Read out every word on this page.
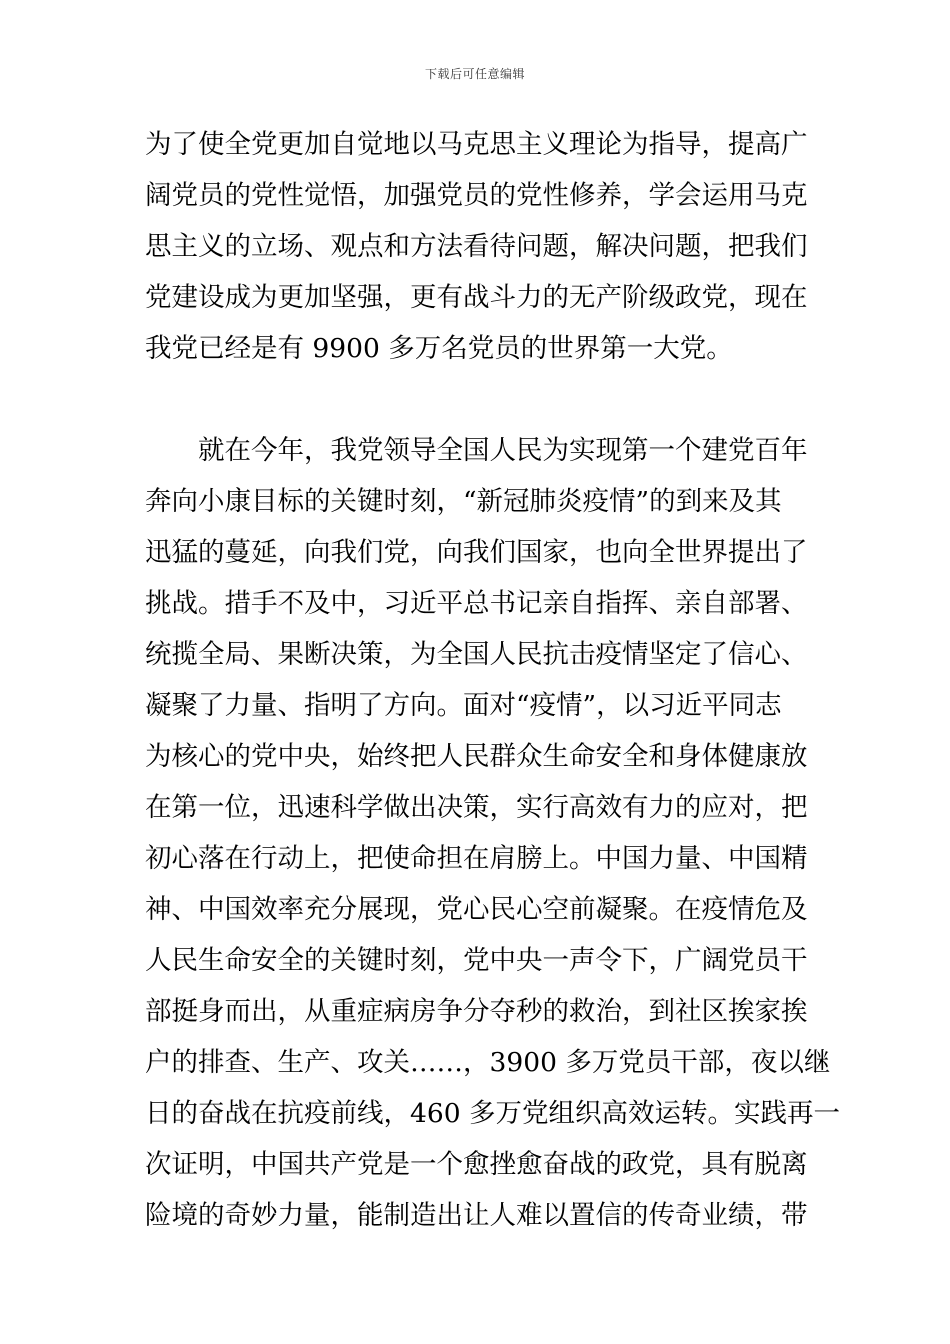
下载后可任意编辑

为了使全党更加自觉地以马克思主义理论为指导，提高广
阔党员的党性觉悟，加强党员的党性修养，学会运用马克
思主义的立场、观点和方法看待问题，解决问题，把我们
党建设成为更加坚强，更有战斗力的无产阶级政党，现在
我党已经是有 9900 多万名党员的世界第一大党。

就在今年，我党领导全国人民为实现第一个建党百年
奔向小康目标的关键时刻，“新冠肺炎疫情”的到来及其
迅猛的蔓延，向我们党，向我们国家，也向全世界提出了
挑战。措手不及中，习近平总书记亲自指挥、亲自部署、
统揽全局、果断决策，为全国人民抗击疫情坚定了信心、
凝聚了力量、指明了方向。面对“疫情”，以习近平同志
为核心的党中央，始终把人民群众生命安全和身体健康放
在第一位，迅速科学做出决策，实行高效有力的应对，把
初心落在行动上，把使命担在肩膀上。中国力量、中国精
神、中国效率充分展现，党心民心空前凝聚。在疫情危及
人民生命安全的关键时刻，党中央一声令下，广阔党员干
部挺身而出，从重症病房争分夺秒的救治，到社区挨家挨
户的排查、生产、攻关……，3900 多万党员干部，夜以继
日的奋战在抗疫前线，460 多万党组织高效运转。实践再一
次证明，中国共产党是一个愈挫愈奋战的政党，具有脱离
险境的奇妙力量，能制造出让人难以置信的传奇业绩，带
